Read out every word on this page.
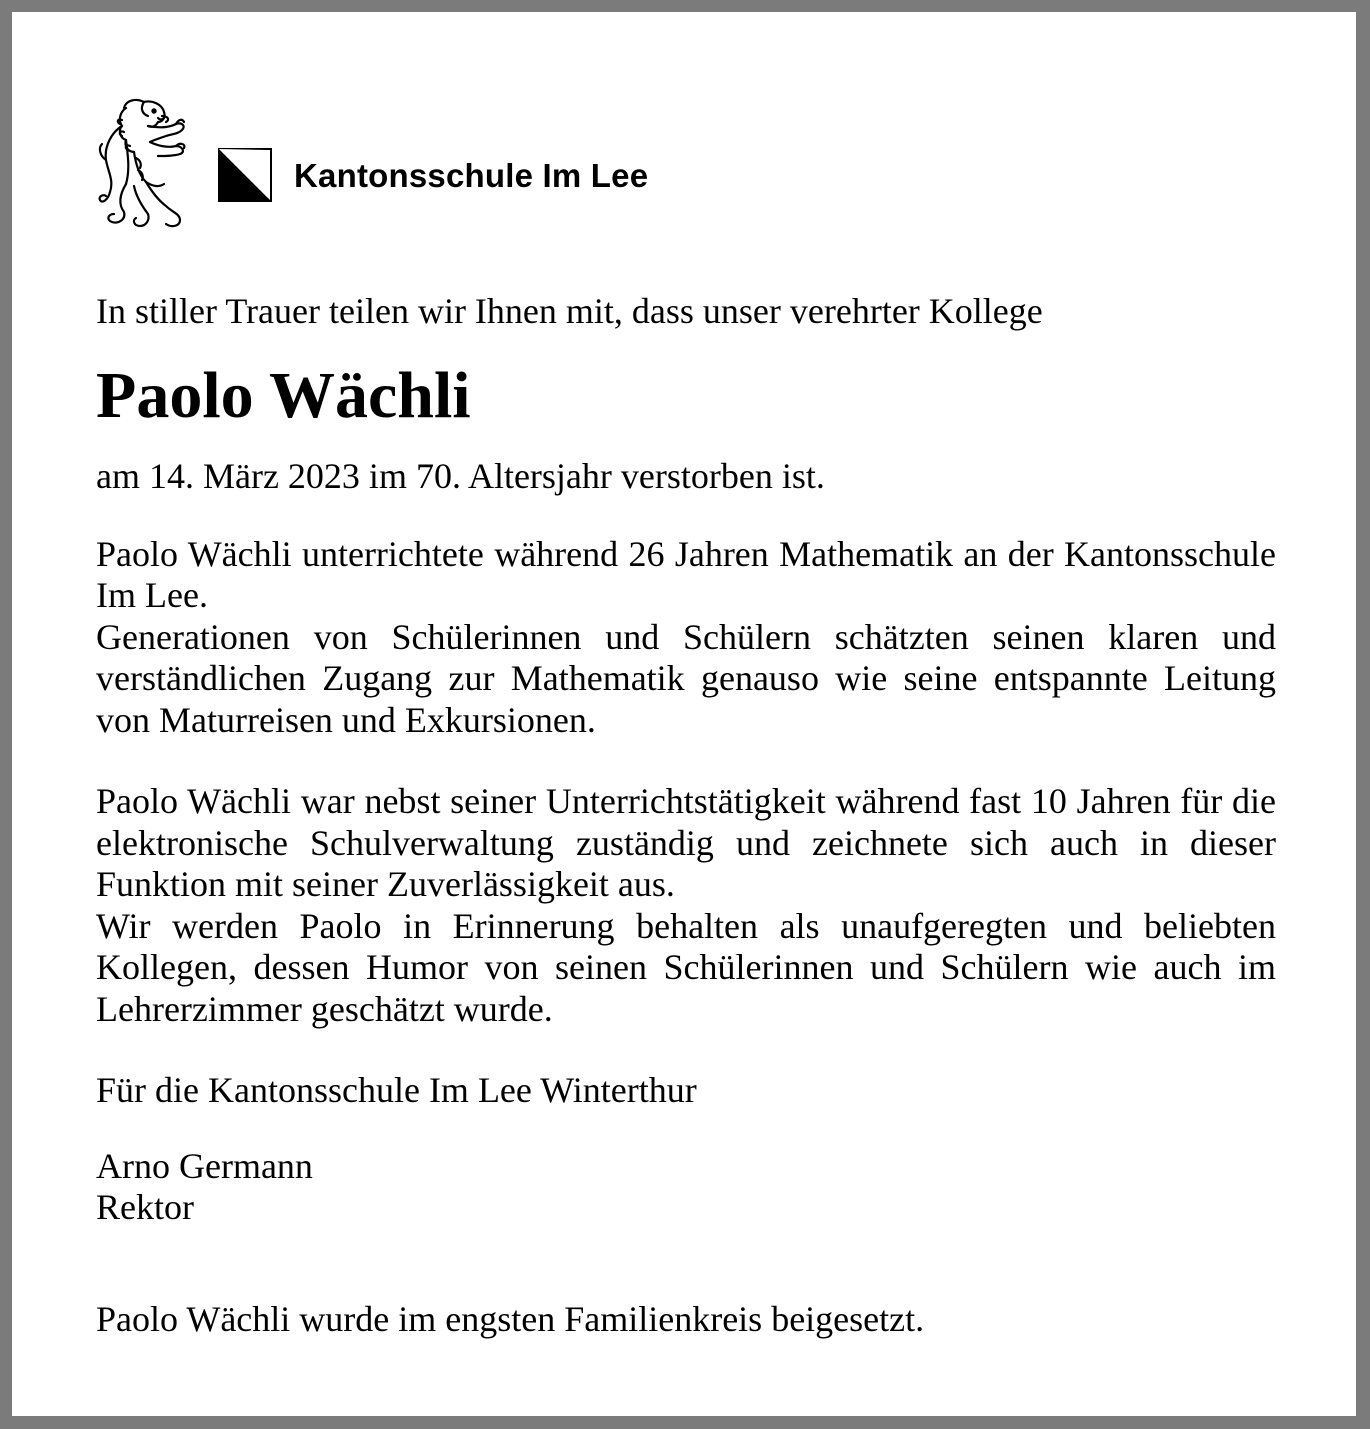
Kantonsschule Im Lee

In stiller Trauer teilen wir Ihnen mit, dass unser verehrter Kollege

Paolo Wächli

am 14. März 2023 im 70. Altersjahr verstorben ist.

Paolo Wächli unterrichtete während 26 Jahren Mathematik an der Kantonsschule Im Lee.

Generationen von Schülerinnen und Schülern schätzten seinen klaren und verständlichen Zugang zur Mathematik genauso wie seine entspannte Leitung von Maturreisen und Exkursionen.

Paolo Wächli war nebst seiner Unterrichtstätigkeit während fast 10 Jahren für die elektronische Schulverwaltung zuständig und zeichnete sich auch in dieser Funktion mit seiner Zuverlässigkeit aus.

Wir werden Paolo in Erinnerung behalten als unaufgeregten und beliebten Kollegen, dessen Humor von seinen Schülerinnen und Schülern wie auch im Lehrerzimmer geschätzt wurde.

Für die Kantonsschule Im Lee Winterthur

Arno Germann

Rektor

Paolo Wächli wurde im engsten Familienkreis beigesetzt.
